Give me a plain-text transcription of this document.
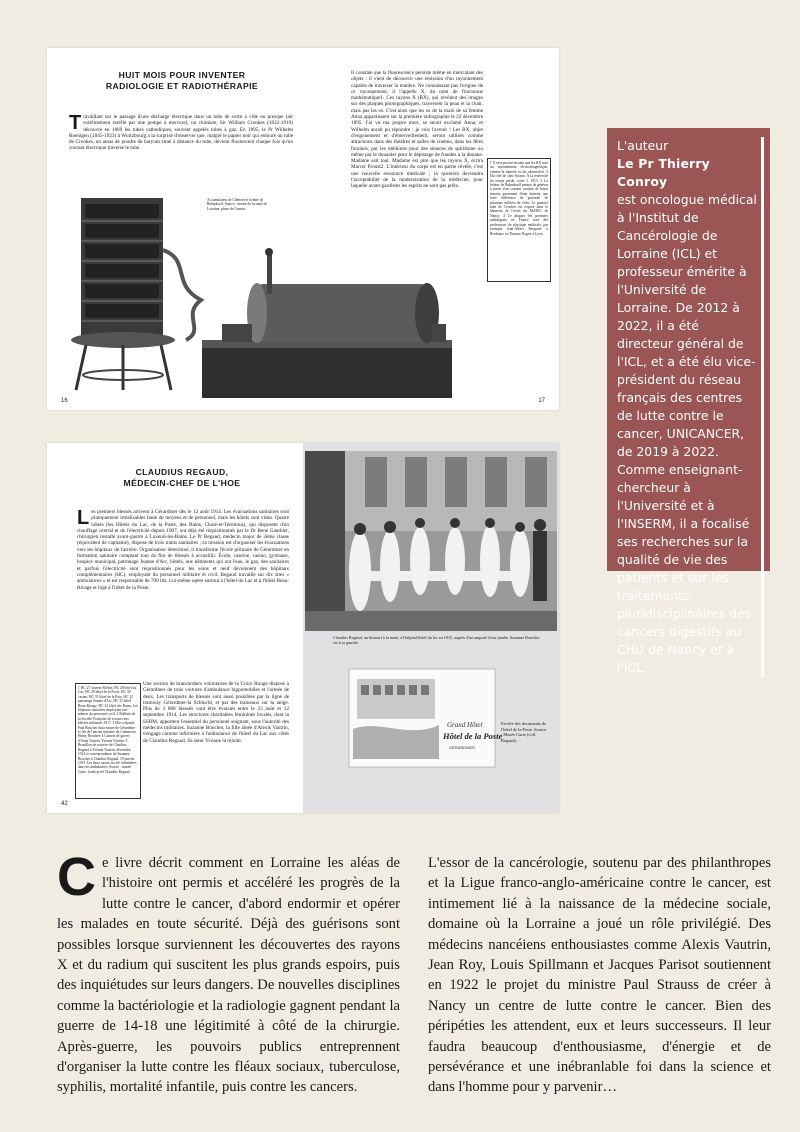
HUIT MOIS POUR INVENTER
RADIOLOGIE ET RADIOTHÉRAPIE
T ravaillant sur le passage d'une décharge électrique dans un tube de verre à vide ou presque (air extrêmement raréfié par une pompe à mercure), un chimiste, Sir William Crookes (1832-1919) découvre en 1869 les tubes cathodiques, souvent appelés tubes à gaz. En 1895, le Pr Wilhelm Roentgen (1845-1923) à Wurtzbourg a la surprise d'observer que, malgré le papier noir qui entoure un tube de Crookes, un amas de poudre de baryum situé à distance du tube, devient fluorescent chaque fois qu'un courant électrique traverse le tube.
Accumulateur de Clément et bobine de Ruhmkorff. Source : musée de la santé de Lorraine, photo de l'auteur.
16
1 X sera prouvé ensuite que les RX sont un rayonnement électromagnétique, comme la lumière ou les ultraviolets. 2 Du côté de chez Swann. À la recherche du temps perdu, tome I, 1913. 3 La bobine de Ruhmkorff permet de générer à partir d'un courant continu de basse tension provenant d'une batterie une forte différence de potentiel de plusieurs milliers de volts. Le premier tube de Crookes est exposé dans le bâtiment de l'école du MATEC de Nancy. 4 Le plupart des premiers radiologues en France sont des professeurs de physique médicale, par exemple Jean-Albert Bergonié à Bordeaux ou Thomas Nogier à Lyon.
Il constate que la fluorescence persiste même en intercalant des objets : il vient de découvrir une émission d'un rayonnement capable de traverser la matière. Ne connaissant pas l'origine de ce rayonnement, il l'appelle X, du nom de l'inconnue mathématique1. Ces rayons X (RX), qui révèlent des images sur des plaques photographiques, traversent la peau et la chair, mais pas les os. C'est ainsi que les os de la main de sa femme Anna apparaissent sur la première radiographie le 22 décembre 1895. J'ai vu ma propre mort, se serait exclamé Anna, et Wilhelm aurait pu répondre : je vois l'avenir ! Les RX, objet d'engouement et d'émerveillement, seront utilisés comme attractions dans des théâtres et salles de cinéma, dans les fêtes foraines, par les médiums pour des séances de spiritisme ou même par le douanier pour le dépistage de fraudes à la douane. Madame sait tout. Madame est pire que les rayons X, écrira Marcel Proust2. L'intérieur du corps est en partie révélé, c'est une nouvelle ressource médicale ; la question deviendra l'acceptabilité de la modernisation de la médecine, pour laquelle avant-gardistes les esprits ne sont pas prêts.
17
CLAUDIUS REGAUD,
MÉDECIN-CHEF DE L'HOE
L es premiers blessés arrivent à Gérardmer dès le 12 août 1914. Les évacuations sanitaires sont pratiquement irréalisables faute de moyens et de personnel, mais les hôtels sont vides. Quatre hôtels (les Hôtels du Lac, de la Poste, des Bains, Cholé-et-Terminus), qui disposent d'un chauffage central et de l'électricité depuis 1907, ont déjà été réquisitionnés par le Dr René Gauthier, chirurgien installé avant-guerre à Luxeuil-les-Bains. Le Pr Regaud, médecin major de 2ème classe (équivalent de capitaine), dispose de trois trains sanitaires ; sa mission est d'organiser les évacuations vers les hôpitaux de l'arrière. Organisateur déterminé, il transforme l'école primaire de Gérardmer en formation sanitaire comptant tout du flot de blessés à accueillir. École, caserne, casino, gymnase, hospice municipal, patronage Jeanne d'Arc, hôtels, une bâtiments qui ont l'eau, le gaz, des sanitaires et parfois l'électricité sont réquisitionnés pour les soins et neuf deviennent des hôpitaux complémentaires (HC), employant du personnel militaire et civil. Regaud travaille sur dix sites « ambulances » et est responsable de 700 lits. Lui-même opère surtout à l'hôtel du Lac et à l'hôtel Beau-Rivage et loge à l'hôtel de la Poste.
1 HC 27 caserne Kléber, HC 28 hôtel du Lac, HC 29 hôtel de la Poste, HC 30 casino, HC 31 hôtel de la Paix, HC 32 patronage Jeanne d'Arc, HC 33 hôtel Beau-Rivage, HC 34 hôtel des Bains. Les hôpitaux sanitaires employant eux-mêmes du personnel civil. 2 Bulletin de la Société Française de secours aux blessés militaires 1917. 3 Elle a épousé Paul Boucher futur maire de Gérardmer et fils de l'ancien ministre du Commerce Henry Boucher. 4 Carnets de guerre d'Anne Vautrin. Yvonne Vautrin. 5 Brouillon de courrier de Claudius Regaud à Yvonne Vautrin, décembre 1914 et correspondance de Suzanne Boucher à Claudius Regaud, 19 janvier 1915. Les deux sœurs ont été infirmières dans les ambulances. Source : musée Curie, fonds privé Claudius Regaud.
Une section de brancardiers volontaires de la Croix Rouge dispose à Gérardmer de trois voitures d'ambulance hippomobiles et l'armée de deux. Les transports de blessés sont aussi possibles par la ligne de tramway Gérardmer-la Schlucht, et par des traîneaux sur la neige. Plus de 3 800 blessés vont être évacués entre le 23 août et 12 septembre 1914. Les structures charitables féminines locales, dont la SSBM, apportent l'essentiel du personnel soignant, sous l'autorité des médecins militaires. Suzanne Boucher, la fille aînée d'Alexis Vautrin, s'engage comme infirmière à l'ambulance de l'hôtel du Lac aux côtés de Claudius Regaud. Sa sœur Yvonne la rejoint.
42
Claudius Regaud, un bistouri à la main, à l'hôpital-hôtel du lac en 1915, auprès d'un amputé d'une jambe. Suzanne Boucher est à sa gauche.
Grand Hôtel
Hôtel de la Poste
GÉRARDMER
En-tête des documents de l'hôtel de la Poste. Source : Musée Curie (coll. Regaud).
L'auteur
Le Pr Thierry Conroy
est oncologue médical à l'Institut de Cancérologie de Lorraine (ICL) et professeur émérite à l'Université de Lorraine. De 2012 à 2022, il a été directeur général de l'ICL, et a été élu vice-président du réseau français des centres de lutte contre le cancer, UNICANCER, de 2019 à 2022. Comme enseignant-chercheur à l'Université et à l'INSERM, il a focalisé ses recherches sur la qualité de vie des patients et sur les traitements pluridisciplinaires des cancers digestifs au CHU de Nancy et à l'ICL.
C e livre décrit comment en Lorraine les aléas de l'histoire ont permis et accéléré les progrès de la lutte contre le cancer, d'abord endormir et opérer les malades en toute sécurité. Déjà des guérisons sont possibles lorsque surviennent les découvertes des rayons X et du radium qui suscitent les plus grands espoirs, puis des inquiétudes sur leurs dangers. De nouvelles disciplines comme la bactériologie et la radiologie gagnent pendant la guerre de 14-18 une légitimité à côté de la chirurgie. Après-guerre, les pouvoirs publics entreprennent d'organiser la lutte contre les fléaux sociaux, tuberculose, syphilis, mortalité infantile, puis contre les cancers.
L'essor de la cancérologie, soutenu par des philanthropes et la Ligue franco-anglo-américaine contre le cancer, est intimement lié à la naissance de la médecine sociale, domaine où la Lorraine a joué un rôle privilégié. Des médecins nancéiens enthousiastes comme Alexis Vautrin, Jean Roy, Louis Spillmann et Jacques Parisot soutiennent en 1922 le projet du ministre Paul Strauss de créer à Nancy un centre de lutte contre le cancer. Bien des péripéties les attendent, eux et leurs successeurs. Il leur faudra beaucoup d'enthousiasme, d'énergie et de persévérance et une inébranlable foi dans la science et dans l'homme pour y parvenir…
